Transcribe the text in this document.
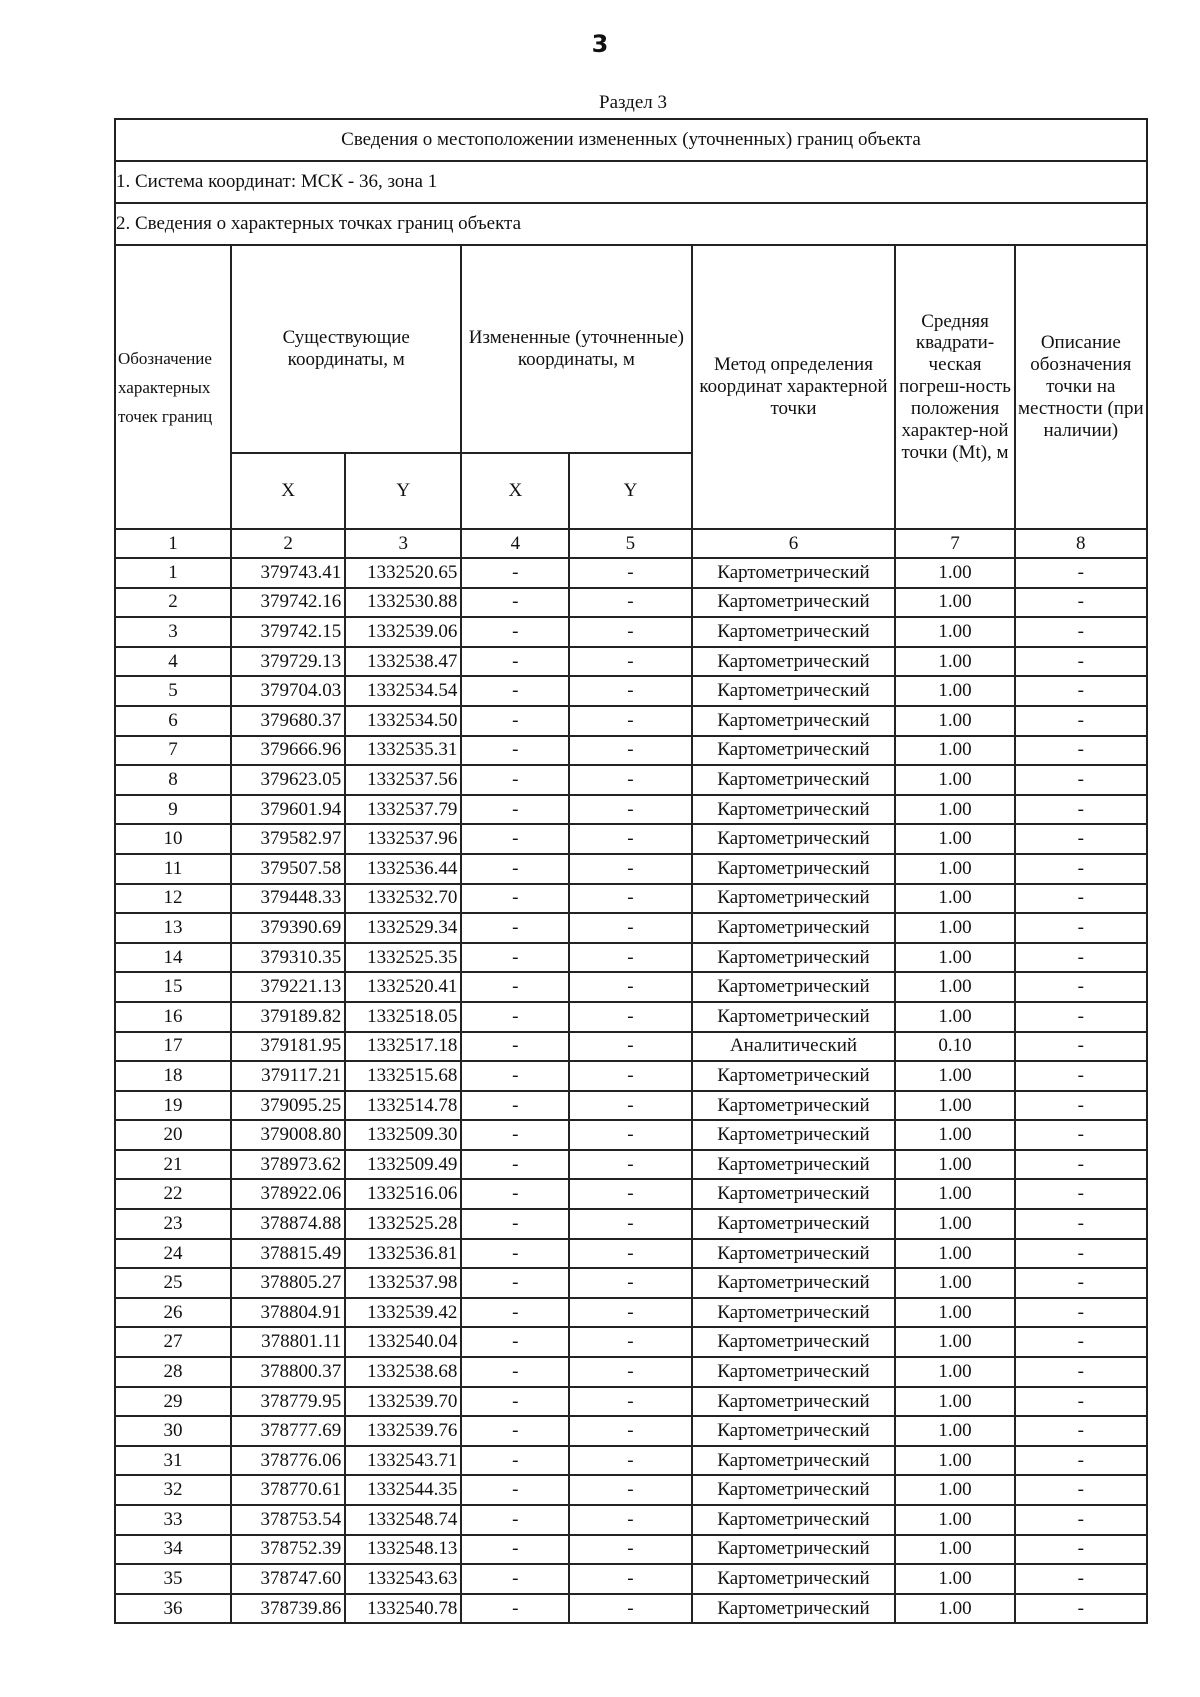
3
Раздел 3
Сведения о местоположении измененных (уточненных) границ объекта							
1. Система координат: МСК - 36, зона 1							
2. Сведения о характерных точках границ объекта							
Обозначение характерных точек границ	Существующие координаты, м		Измененные (уточненные) координаты, м		Метод определения координат характерной точки	Средняя квадрати-ческая погреш-ность положения характер-ной точки (Mt), м	Описание обозначения точки на местности (при наличии)
	X	Y	X	Y			
1	2	3	4	5	6	7	8
1	379743.41	1332520.65	-	-	Картометрический	1.00	-
2	379742.16	1332530.88	-	-	Картометрический	1.00	-
3	379742.15	1332539.06	-	-	Картометрический	1.00	-
4	379729.13	1332538.47	-	-	Картометрический	1.00	-
5	379704.03	1332534.54	-	-	Картометрический	1.00	-
6	379680.37	1332534.50	-	-	Картометрический	1.00	-
7	379666.96	1332535.31	-	-	Картометрический	1.00	-
8	379623.05	1332537.56	-	-	Картометрический	1.00	-
9	379601.94	1332537.79	-	-	Картометрический	1.00	-
10	379582.97	1332537.96	-	-	Картометрический	1.00	-
11	379507.58	1332536.44	-	-	Картометрический	1.00	-
12	379448.33	1332532.70	-	-	Картометрический	1.00	-
13	379390.69	1332529.34	-	-	Картометрический	1.00	-
14	379310.35	1332525.35	-	-	Картометрический	1.00	-
15	379221.13	1332520.41	-	-	Картометрический	1.00	-
16	379189.82	1332518.05	-	-	Картометрический	1.00	-
17	379181.95	1332517.18	-	-	Аналитический	0.10	-
18	379117.21	1332515.68	-	-	Картометрический	1.00	-
19	379095.25	1332514.78	-	-	Картометрический	1.00	-
20	379008.80	1332509.30	-	-	Картометрический	1.00	-
21	378973.62	1332509.49	-	-	Картометрический	1.00	-
22	378922.06	1332516.06	-	-	Картометрический	1.00	-
23	378874.88	1332525.28	-	-	Картометрический	1.00	-
24	378815.49	1332536.81	-	-	Картометрический	1.00	-
25	378805.27	1332537.98	-	-	Картометрический	1.00	-
26	378804.91	1332539.42	-	-	Картометрический	1.00	-
27	378801.11	1332540.04	-	-	Картометрический	1.00	-
28	378800.37	1332538.68	-	-	Картометрический	1.00	-
29	378779.95	1332539.70	-	-	Картометрический	1.00	-
30	378777.69	1332539.76	-	-	Картометрический	1.00	-
31	378776.06	1332543.71	-	-	Картометрический	1.00	-
32	378770.61	1332544.35	-	-	Картометрический	1.00	-
33	378753.54	1332548.74	-	-	Картометрический	1.00	-
34	378752.39	1332548.13	-	-	Картометрический	1.00	-
35	378747.60	1332543.63	-	-	Картометрический	1.00	-
36	378739.86	1332540.78	-	-	Картометрический	1.00	-
